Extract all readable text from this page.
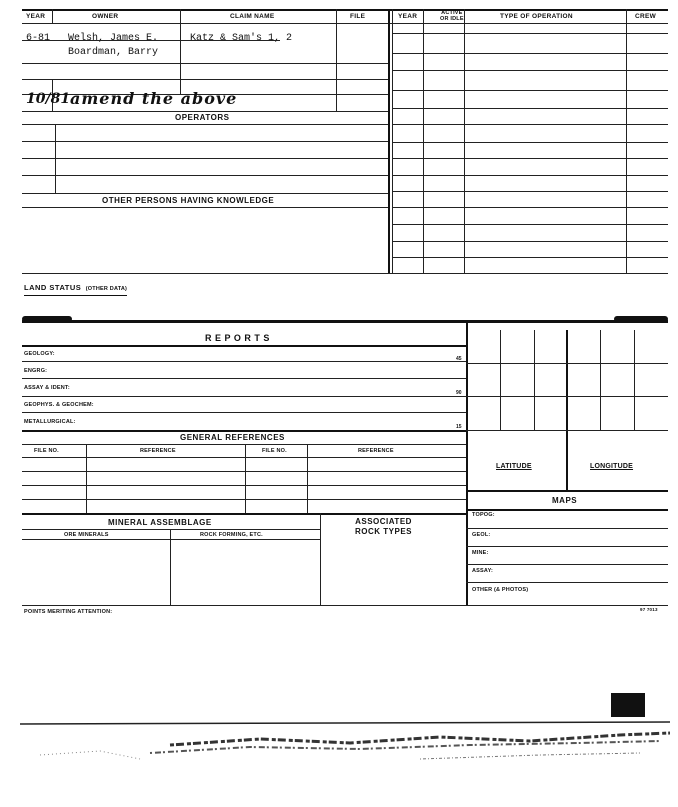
YEAR	OWNER	CLAIM NAME	FILE	YEAR	ACTIVE
OR IDLE	TYPE OF OPERATION	CREW
6-81 Welsh, James E.
Boardman, Barry
Katz & Sam's 1, 2
10/81 amend the above
OPERATORS
OTHER PERSONS HAVING KNOWLEDGE
LAND STATUS (OTHER DATA)
R E P O R T S
GEOLOGY:
ENGRG:
ASSAY & IDENT:
GEOPHYS. & GEOCHEM:
METALLURGICAL:
45
90
15
GENERAL REFERENCES
FILE NO.	REFERENCE	FILE NO.	REFERENCE
MINERAL ASSEMBLAGE
ORE MINERALS	ROCK FORMING, ETC.
ASSOCIATED
ROCK TYPES
LATITUDE	LONGITUDE
MAPS
TOPOG:
GEOL:
MINE:
ASSAY:
OTHER (& PHOTOS)
POINTS MERITING ATTENTION:	97 7013
